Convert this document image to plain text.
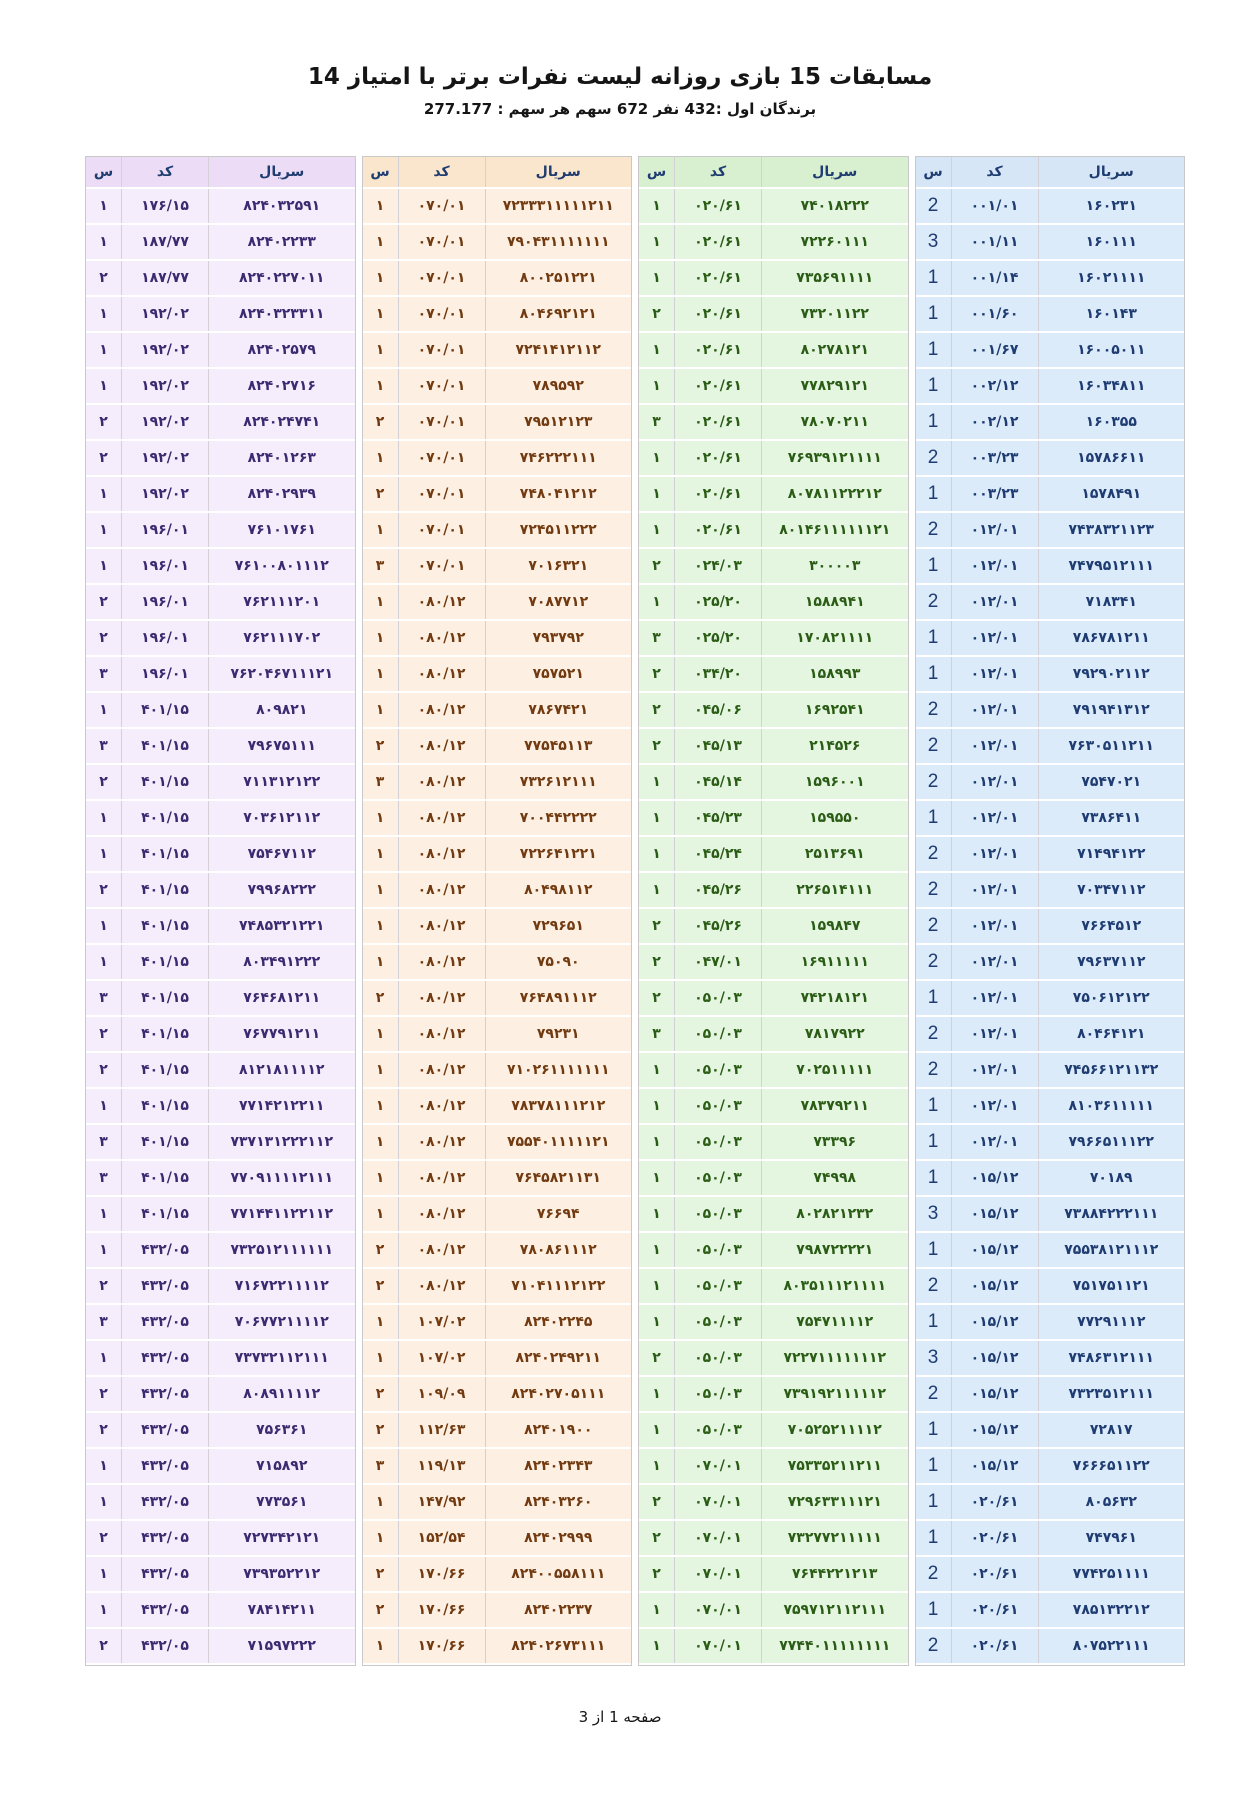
مسابقات 15 بازی روزانه لیست نفرات برتر با امتیاز 14
برندگان اول :432 نفر 672 سهم هر سهم : 277.177
س	کد	سریال
۱	۱۷۶/۱۵	۸۲۴۰۳۲۵۹۱
۱	۱۸۷/۷۷	۸۲۴۰۲۲۳۳
۲	۱۸۷/۷۷	۸۲۴۰۲۲۷۰۱۱
۱	۱۹۲/۰۲	۸۲۴۰۳۲۳۳۱۱
۱	۱۹۲/۰۲	۸۲۴۰۲۵۷۹
۱	۱۹۲/۰۲	۸۲۴۰۲۷۱۶
۲	۱۹۲/۰۲	۸۲۴۰۲۴۷۴۱
۲	۱۹۲/۰۲	۸۲۴۰۱۲۶۳
۱	۱۹۲/۰۲	۸۲۴۰۲۹۳۹
۱	۱۹۶/۰۱	۷۶۱۰۱۷۶۱
۱	۱۹۶/۰۱	۷۶۱۰۰۸۰۱۱۱۲
۲	۱۹۶/۰۱	۷۶۲۱۱۱۲۰۱
۲	۱۹۶/۰۱	۷۶۲۱۱۱۷۰۲
۳	۱۹۶/۰۱	۷۶۲۰۴۶۷۱۱۱۲۱
۱	۴۰۱/۱۵	۸۰۹۸۲۱
۳	۴۰۱/۱۵	۷۹۶۷۵۱۱۱
۲	۴۰۱/۱۵	۷۱۱۳۱۲۱۲۲
۱	۴۰۱/۱۵	۷۰۳۶۱۲۱۱۲
۱	۴۰۱/۱۵	۷۵۴۶۷۱۱۲
۲	۴۰۱/۱۵	۷۹۹۶۸۲۲۲
۱	۴۰۱/۱۵	۷۴۸۵۳۲۱۲۲۱
۱	۴۰۱/۱۵	۸۰۳۴۹۱۲۲۲
۳	۴۰۱/۱۵	۷۶۴۶۸۱۲۱۱
۲	۴۰۱/۱۵	۷۶۷۷۹۱۲۱۱
۲	۴۰۱/۱۵	۸۱۲۱۸۱۱۱۱۲
۱	۴۰۱/۱۵	۷۷۱۴۲۱۲۲۱۱
۳	۴۰۱/۱۵	۷۳۷۱۳۱۲۲۲۱۱۲
۳	۴۰۱/۱۵	۷۷۰۹۱۱۱۱۲۱۱۱
۱	۴۰۱/۱۵	۷۷۱۴۴۱۱۲۲۱۱۲
۱	۴۳۲/۰۵	۷۳۲۵۱۲۱۱۱۱۱۱
۲	۴۳۲/۰۵	۷۱۶۷۲۲۱۱۱۱۲
۳	۴۳۲/۰۵	۷۰۶۷۷۲۱۱۱۱۲
۱	۴۳۲/۰۵	۷۳۷۳۲۱۱۲۱۱۱
۲	۴۳۲/۰۵	۸۰۸۹۱۱۱۱۲
۲	۴۳۲/۰۵	۷۵۶۳۶۱
۱	۴۳۲/۰۵	۷۱۵۸۹۲
۱	۴۳۲/۰۵	۷۷۳۵۶۱
۲	۴۳۲/۰۵	۷۲۷۳۴۲۱۲۱
۱	۴۳۲/۰۵	۷۳۹۳۵۲۲۱۲
۱	۴۳۲/۰۵	۷۸۴۱۴۲۱۱
۲	۴۳۲/۰۵	۷۱۵۹۷۲۲۲
س	کد	سریال
۱	۰۷۰/۰۱	۷۲۳۳۳۱۱۱۱۱۲۱۱
۱	۰۷۰/۰۱	۷۹۰۴۳۱۱۱۱۱۱۱
۱	۰۷۰/۰۱	۸۰۰۲۵۱۲۲۱
۱	۰۷۰/۰۱	۸۰۴۶۹۲۱۲۱
۱	۰۷۰/۰۱	۷۲۴۱۴۱۲۱۱۲
۱	۰۷۰/۰۱	۷۸۹۵۹۲
۲	۰۷۰/۰۱	۷۹۵۱۲۱۲۳
۱	۰۷۰/۰۱	۷۴۶۲۲۲۱۱۱
۲	۰۷۰/۰۱	۷۴۸۰۴۱۲۱۲
۱	۰۷۰/۰۱	۷۲۴۵۱۱۲۲۲
۳	۰۷۰/۰۱	۷۰۱۶۳۲۱
۱	۰۸۰/۱۲	۷۰۸۷۷۱۲
۱	۰۸۰/۱۲	۷۹۳۷۹۲
۱	۰۸۰/۱۲	۷۵۷۵۲۱
۱	۰۸۰/۱۲	۷۸۶۷۴۲۱
۲	۰۸۰/۱۲	۷۷۵۴۵۱۱۳
۳	۰۸۰/۱۲	۷۳۲۶۱۲۱۱۱
۱	۰۸۰/۱۲	۷۰۰۴۴۲۲۲۲
۱	۰۸۰/۱۲	۷۲۲۶۴۱۲۲۱
۱	۰۸۰/۱۲	۸۰۴۹۸۱۱۲
۱	۰۸۰/۱۲	۷۲۹۶۵۱
۱	۰۸۰/۱۲	۷۵۰۹۰
۲	۰۸۰/۱۲	۷۶۴۸۹۱۱۱۲
۱	۰۸۰/۱۲	۷۹۲۳۱
۱	۰۸۰/۱۲	۷۱۰۲۶۱۱۱۱۱۱۱
۱	۰۸۰/۱۲	۷۸۳۷۸۱۱۱۲۱۲
۱	۰۸۰/۱۲	۷۵۵۴۰۱۱۱۱۱۲۱
۱	۰۸۰/۱۲	۷۶۴۵۸۲۱۱۳۱
۱	۰۸۰/۱۲	۷۶۶۹۴
۲	۰۸۰/۱۲	۷۸۰۸۶۱۱۱۲
۲	۰۸۰/۱۲	۷۱۰۴۱۱۱۲۱۲۲
۱	۱۰۷/۰۲	۸۲۴۰۲۲۴۵
۱	۱۰۷/۰۲	۸۲۴۰۲۴۹۲۱۱
۲	۱۰۹/۰۹	۸۲۴۰۲۷۰۵۱۱۱
۲	۱۱۲/۶۳	۸۲۴۰۱۹۰۰
۳	۱۱۹/۱۳	۸۲۴۰۲۳۴۳
۱	۱۴۷/۹۲	۸۲۴۰۳۲۶۰
۱	۱۵۲/۵۴	۸۲۴۰۲۹۹۹
۲	۱۷۰/۶۶	۸۲۴۰۰۵۵۸۱۱۱
۲	۱۷۰/۶۶	۸۲۴۰۲۲۳۷
۱	۱۷۰/۶۶	۸۲۴۰۲۶۷۳۱۱۱
س	کد	سریال
۱	۰۲۰/۶۱	۷۴۰۱۸۲۲۲
۱	۰۲۰/۶۱	۷۲۲۶۰۱۱۱
۱	۰۲۰/۶۱	۷۳۵۶۹۱۱۱۱
۲	۰۲۰/۶۱	۷۳۲۰۱۱۲۲
۱	۰۲۰/۶۱	۸۰۲۷۸۱۲۱
۱	۰۲۰/۶۱	۷۷۸۲۹۱۲۱
۳	۰۲۰/۶۱	۷۸۰۷۰۲۱۱
۱	۰۲۰/۶۱	۷۶۹۳۹۱۲۱۱۱۱
۱	۰۲۰/۶۱	۸۰۷۸۱۱۲۲۲۱۲
۱	۰۲۰/۶۱	۸۰۱۴۶۱۱۱۱۱۱۲۱
۲	۰۲۴/۰۳	۳۰۰۰۰۳
۱	۰۲۵/۲۰	۱۵۸۸۹۴۱
۳	۰۲۵/۲۰	۱۷۰۸۲۱۱۱۱
۲	۰۳۴/۲۰	۱۵۸۹۹۳
۲	۰۴۵/۰۶	۱۶۹۲۵۴۱
۲	۰۴۵/۱۳	۲۱۴۵۲۶
۱	۰۴۵/۱۴	۱۵۹۶۰۰۱
۱	۰۴۵/۲۳	۱۵۹۵۵۰
۱	۰۴۵/۲۴	۲۵۱۳۶۹۱
۱	۰۴۵/۲۶	۲۲۶۵۱۴۱۱۱
۲	۰۴۵/۲۶	۱۵۹۸۴۷
۲	۰۴۷/۰۱	۱۶۹۱۱۱۱۱
۲	۰۵۰/۰۳	۷۴۲۱۸۱۲۱
۳	۰۵۰/۰۳	۷۸۱۷۹۲۲
۱	۰۵۰/۰۳	۷۰۲۵۱۱۱۱۱
۱	۰۵۰/۰۳	۷۸۳۷۹۲۱۱
۱	۰۵۰/۰۳	۷۳۳۹۶
۱	۰۵۰/۰۳	۷۴۹۹۸
۱	۰۵۰/۰۳	۸۰۲۸۲۱۲۳۲
۱	۰۵۰/۰۳	۷۹۸۷۲۲۲۲۱
۱	۰۵۰/۰۳	۸۰۳۵۱۱۱۲۱۱۱۱
۱	۰۵۰/۰۳	۷۵۴۷۱۱۱۱۲
۲	۰۵۰/۰۳	۷۲۲۷۱۱۱۱۱۱۱۲
۱	۰۵۰/۰۳	۷۳۹۱۹۲۱۱۱۱۱۲
۱	۰۵۰/۰۳	۷۰۵۲۵۲۱۱۱۱۲
۱	۰۷۰/۰۱	۷۵۳۳۵۲۱۱۲۱۱
۲	۰۷۰/۰۱	۷۲۹۶۳۳۱۱۱۲۱
۲	۰۷۰/۰۱	۷۳۲۷۷۲۱۱۱۱۱
۲	۰۷۰/۰۱	۷۶۴۴۲۲۱۲۱۳
۱	۰۷۰/۰۱	۷۵۹۷۱۲۱۱۲۱۱۱
۱	۰۷۰/۰۱	۷۷۴۴۰۱۱۱۱۱۱۱۱
س	کد	سریال
2	۰۰۱/۰۱	۱۶۰۲۳۱
3	۰۰۱/۱۱	۱۶۰۱۱۱
1	۰۰۱/۱۴	۱۶۰۲۱۱۱۱
1	۰۰۱/۶۰	۱۶۰۱۴۳
1	۰۰۱/۶۷	۱۶۰۰۵۰۱۱
1	۰۰۲/۱۲	۱۶۰۳۴۸۱۱
1	۰۰۲/۱۲	۱۶۰۳۵۵
2	۰۰۳/۲۳	۱۵۷۸۶۶۱۱
1	۰۰۳/۲۳	۱۵۷۸۴۹۱
2	۰۱۲/۰۱	۷۴۳۸۳۲۱۱۲۳
1	۰۱۲/۰۱	۷۴۷۹۵۱۲۱۱۱
2	۰۱۲/۰۱	۷۱۸۳۴۱
1	۰۱۲/۰۱	۷۸۶۷۸۱۲۱۱
1	۰۱۲/۰۱	۷۹۲۹۰۲۱۱۲
2	۰۱۲/۰۱	۷۹۱۹۴۱۳۱۲
2	۰۱۲/۰۱	۷۶۳۰۵۱۱۲۱۱
2	۰۱۲/۰۱	۷۵۴۷۰۲۱
1	۰۱۲/۰۱	۷۳۸۶۴۱۱
2	۰۱۲/۰۱	۷۱۴۹۴۱۲۲
2	۰۱۲/۰۱	۷۰۳۴۷۱۱۲
2	۰۱۲/۰۱	۷۶۶۴۵۱۲
2	۰۱۲/۰۱	۷۹۶۳۷۱۱۲
1	۰۱۲/۰۱	۷۵۰۶۱۲۱۲۲
2	۰۱۲/۰۱	۸۰۴۶۴۱۲۱
2	۰۱۲/۰۱	۷۴۵۶۶۱۲۱۱۳۲
1	۰۱۲/۰۱	۸۱۰۳۶۱۱۱۱۱
1	۰۱۲/۰۱	۷۹۶۶۵۱۱۱۲۲
1	۰۱۵/۱۲	۷۰۱۸۹
3	۰۱۵/۱۲	۷۳۸۸۴۲۲۲۱۱۱
1	۰۱۵/۱۲	۷۵۵۳۸۱۲۱۱۱۲
2	۰۱۵/۱۲	۷۵۱۷۵۱۱۲۱
1	۰۱۵/۱۲	۷۷۲۹۱۱۱۲
3	۰۱۵/۱۲	۷۴۸۶۳۱۲۱۱۱
2	۰۱۵/۱۲	۷۳۲۳۵۱۲۱۱۱
1	۰۱۵/۱۲	۷۲۸۱۷
1	۰۱۵/۱۲	۷۶۶۶۵۱۱۲۲
1	۰۲۰/۶۱	۸۰۵۶۳۲
1	۰۲۰/۶۱	۷۴۷۹۶۱
2	۰۲۰/۶۱	۷۷۴۲۵۱۱۱۱
1	۰۲۰/۶۱	۷۸۵۱۳۲۲۱۲
2	۰۲۰/۶۱	۸۰۷۵۲۲۱۱۱
صفحه 1 از 3
